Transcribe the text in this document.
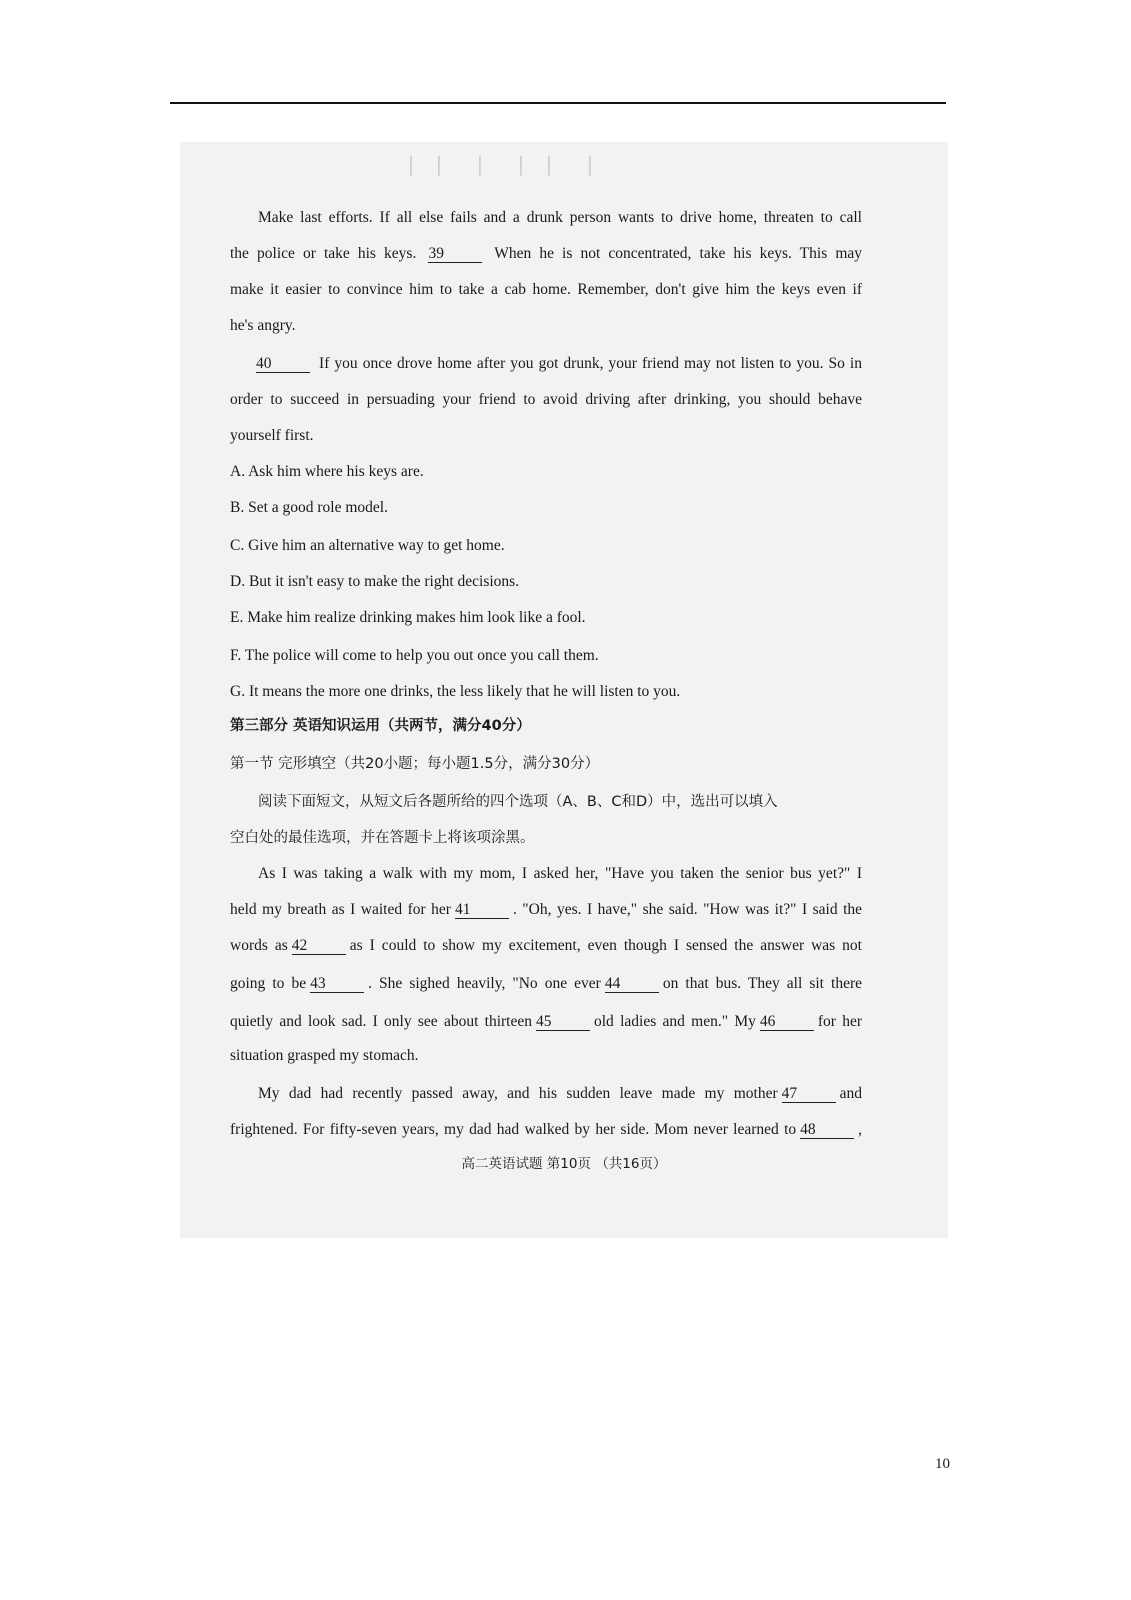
丨丨 丨 丨丨 丨
Make last efforts. If all else fails and a drunk person wants to drive home, threaten to call
the police or take his keys. 39	When he is not concentrated, take his keys. This may
make it easier to convince him to take a cab home. Remember, don't give him the keys even if
he's angry.
40	If you once drove home after you got drunk, your friend may not listen to you. So in
order to succeed in persuading your friend to avoid driving after drinking, you should behave
yourself first.
A. Ask him where his keys are.
B. Set a good role model.
C. Give him an alternative way to get home.
D. But it isn't easy to make the right decisions.
E. Make him realize drinking makes him look like a fool.
F. The police will come to help you out once you call them.
G. It means the more one drinks, the less likely that he will listen to you.
第三部分 英语知识运用（共两节，满分40分）
第一节 完形填空（共20小题；每小题1.5分，满分30分）
阅读下面短文，从短文后各题所给的四个选项（A、B、C和D）中，选出可以填入
空白处的最佳选项，并在答题卡上将该项涂黑。
As I was taking a walk with my mom, I asked her, "Have you taken the senior bus yet?" I
held my breath as I waited for her 41	. "Oh, yes. I have," she said. "How was it?" I said the
words as 42	as I could to show my excitement, even though I sensed the answer was not
going to be 43	. She sighed heavily, "No one ever 44	on that bus. They all sit there
quietly and look sad. I only see about thirteen 45	old ladies and men." My 46	for her
situation grasped my stomach.
My dad had recently passed away, and his sudden leave made my mother 47	and
frightened. For fifty-seven years, my dad had walked by her side. Mom never learned to 48	,
高二英语试题 第10页 （共16页）
10
